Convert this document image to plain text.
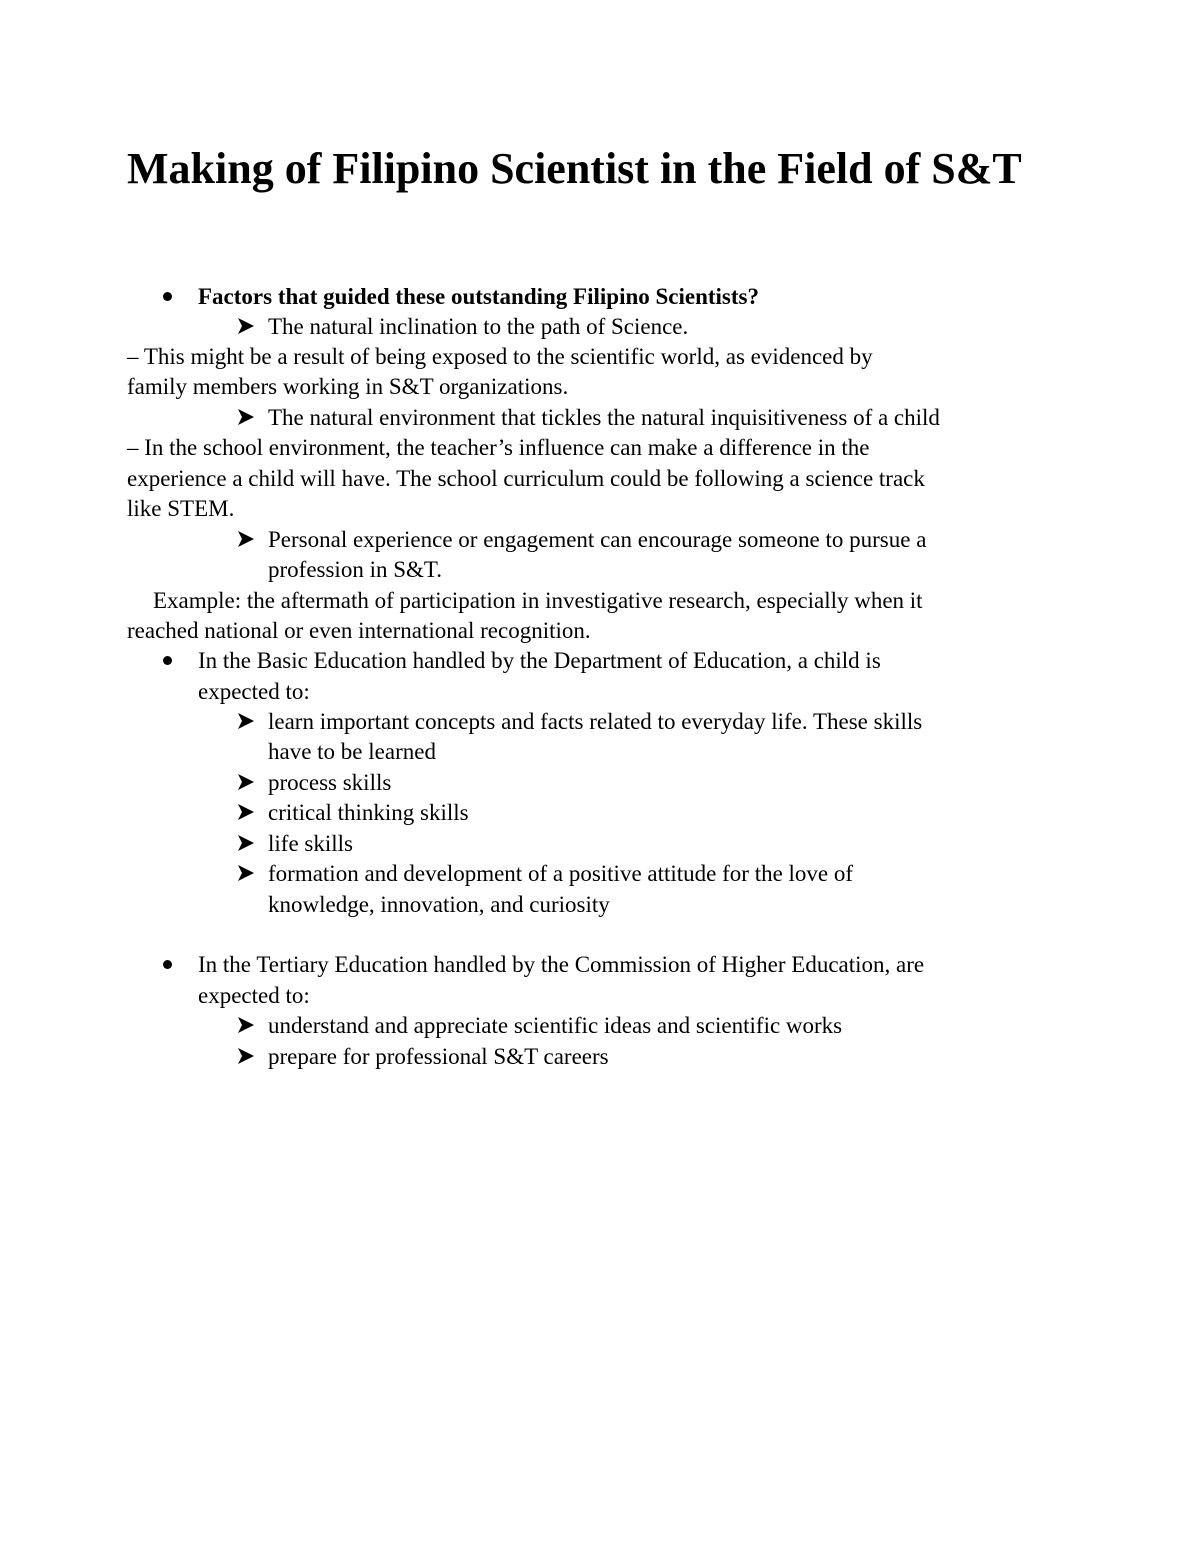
Making of Filipino Scientist in the Field of S&T

Factors that guided these outstanding Filipino Scientists?

The natural inclination to the path of Science.

– This might be a result of being exposed to the scientific world, as evidenced by

family members working in S&T organizations.

The natural environment that tickles the natural inquisitiveness of a child

– In the school environment, the teacher’s influence can make a difference in the

experience a child will have. The school curriculum could be following a science track

like STEM.

Personal experience or engagement can encourage someone to pursue a

profession in S&T.

Example: the aftermath of participation in investigative research, especially when it

reached national or even international recognition.

In the Basic Education handled by the Department of Education, a child is

expected to:

learn important concepts and facts related to everyday life. These skills

have to be learned

process skills

critical thinking skills

life skills

formation and development of a positive attitude for the love of

knowledge, innovation, and curiosity

In the Tertiary Education handled by the Commission of Higher Education, are

expected to:

understand and appreciate scientific ideas and scientific works

prepare for professional S&T careers
